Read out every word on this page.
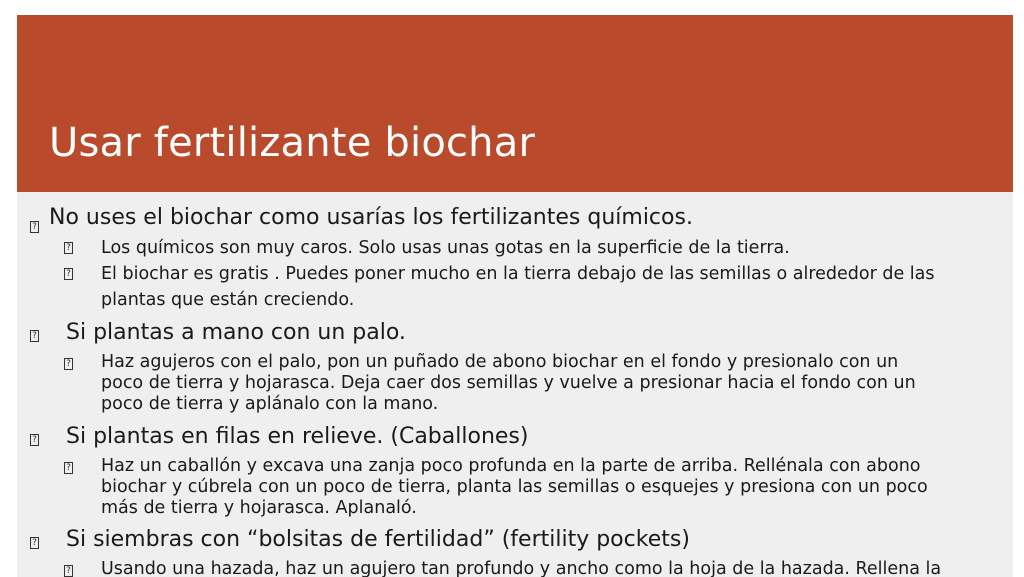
Usar fertilizante biochar
? No uses el biochar como usarías los fertilizantes químicos.
? Los químicos son muy caros. Solo usas unas gotas en la superficie de la tierra.
? El biochar es gratis . Puedes poner mucho en la tierra debajo de las semillas o alrededor de las
plantas que están creciendo.
? Si plantas a mano con un palo.
? Haz agujeros con el palo, pon un puñado de abono biochar en el fondo y presionalo con un
poco de tierra y hojarasca. Deja caer dos semillas y vuelve a presionar hacia el fondo con un
poco de tierra y aplánalo con la mano.
? Si plantas en filas en relieve. (Caballones)
? Haz un caballón y excava una zanja poco profunda en la parte de arriba. Rellénala con abono
biochar y cúbrela con un poco de tierra, planta las semillas o esquejes y presiona con un poco
más de tierra y hojarasca. Aplanaló.
? Si siembras con “bolsitas de fertilidad” (fertility pockets)
? Usando una hazada, haz un agujero tan profundo y ancho como la hoja de la hazada. Rellena la
